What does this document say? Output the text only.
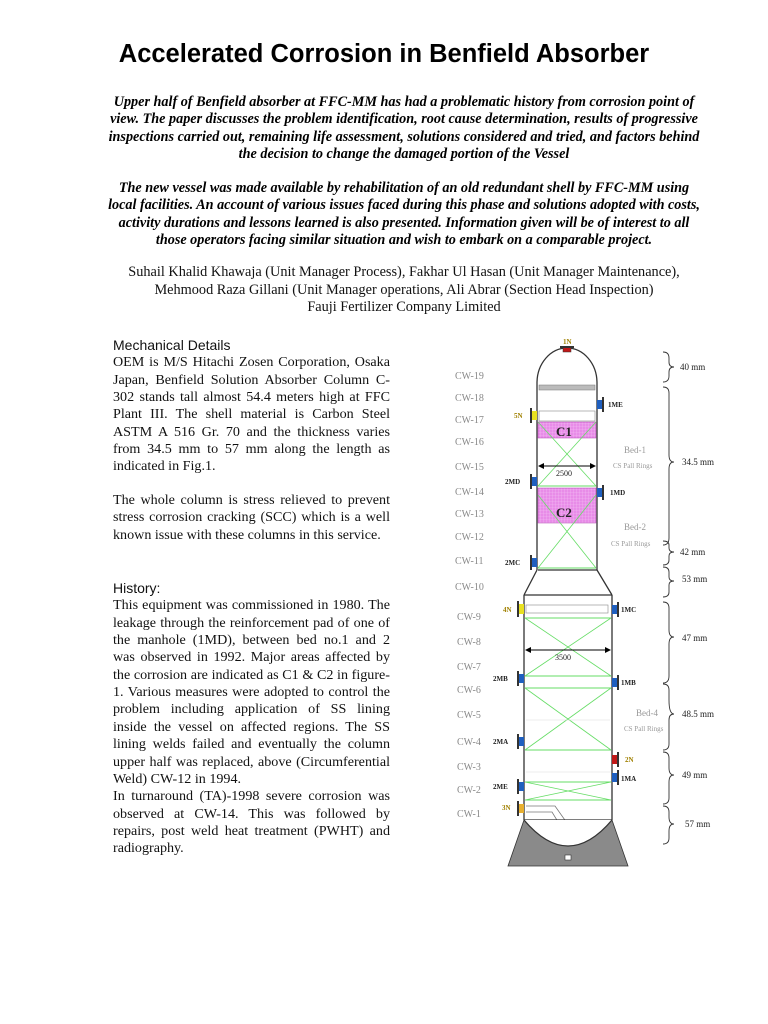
Accelerated Corrosion in Benfield Absorber
Upper half of Benfield absorber at FFC-MM has had a problematic history from corrosion point of view. The paper discusses the problem identification, root cause determination, results of progressive inspections carried out, remaining life assessment, solutions considered and tried, and factors behind the decision to change the damaged portion of the Vessel
The new vessel was made available by rehabilitation of an old redundant shell by FFC-MM using local facilities. An account of various issues faced during this phase and solutions adopted with costs, activity durations and lessons learned is also presented. Information given will be of interest to all those operators facing similar situation and wish to embark on a comparable project.
Suhail Khalid Khawaja (Unit Manager Process), Fakhar Ul Hasan (Unit Manager Maintenance),
Mehmood Raza Gillani (Unit Manager operations, Ali Abrar (Section Head Inspection)
Fauji Fertilizer Company Limited
Mechanical Details

OEM is M/S Hitachi Zosen Corporation, Osaka Japan, Benfield Solution Absorber Column C-302 stands tall almost 54.4 meters high at FFC Plant III. The shell material is Carbon Steel ASTM A 516 Gr. 70 and the thickness varies from 34.5 mm to 57 mm along the length as indicated in Fig.1.

The whole column is stress relieved to prevent stress corrosion cracking (SCC) which is a well known issue with these columns in this service.

History:

This equipment was commissioned in 1980. The leakage through the reinforcement pad of one of the manhole (1MD), between bed no.1 and 2 was observed in 1992. Major areas affected by the corrosion are indicated as C1 & C2 in figure-1. Various measures were adopted to control the problem including application of SS lining inside the vessel on affected regions. The SS lining welds failed and eventually the column upper half was replaced, above (Circumferential Weld) CW-12 in 1994.

In turnaround (TA)-1998 severe corrosion was observed at CW-14. This was followed by repairs, post weld heat treatment (PWHT) and radiography.

CW-19
CW-18
CW-17
CW-16
CW-15
CW-14
CW-13
CW-12
CW-11
CW-10
CW-9
CW-8
CW-7
CW-6
CW-5
CW-4
CW-3
CW-2
CW-1
1N
C1
2500
C2
3500
1ME
5N
2MD
1MD
2MC
4N	1MC
2MB	1MB
2MA
2N
1MA
2ME
3N
Bed-1
CS Pall Rings
Bed-2
CS Pall Rings
Bed-4
CS Pall Rings
40 mm
34.5 mm
42 mm
53 mm
47 mm
48.5 mm
49 mm
57 mm
